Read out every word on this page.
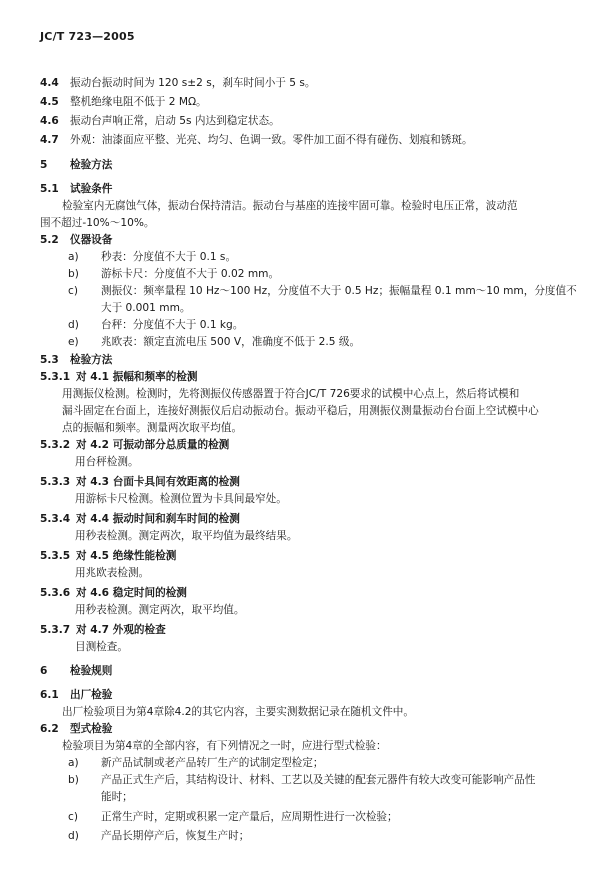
JC/T 723—2005
4.4 振动台振动时间为 120 s±2 s，刹车时间小于 5 s。
4.5 整机绝缘电阻不低于 2 MΩ。
4.6 振动台声响正常，启动 5s 内达到稳定状态。
4.7 外观：油漆面应平整、光亮、均匀、色调一致。零件加工面不得有碰伤、划痕和锈斑。
5 检验方法
5.1 试验条件
检验室内无腐蚀气体，振动台保持清洁。振动台与基座的连接牢固可靠。检验时电压正常，波动范
围不超过-10%～10%。
5.2 仪器设备
a) 秒表：分度值不大于 0.1 s。
b) 游标卡尺：分度值不大于 0.02 mm。
c) 测振仪：频率量程 10 Hz～100 Hz，分度值不大于 0.5 Hz；振幅量程 0.1 mm～10 mm，分度值不
大于 0.001 mm。
d) 台秤：分度值不大于 0.1 kg。
e) 兆欧表：额定直流电压 500 V，准确度不低于 2.5 级。
5.3 检验方法
5.3.1 对 4.1 振幅和频率的检测
用测振仪检测。检测时，先将测振仪传感器置于符合JC/T 726要求的试模中心点上，然后将试模和
漏斗固定在台面上，连接好测振仪后启动振动台。振动平稳后，用测振仪测量振动台台面上空试模中心
点的振幅和频率。测量两次取平均值。
5.3.2 对 4.2 可振动部分总质量的检测
用台秤检测。
5.3.3 对 4.3 台面卡具间有效距离的检测
用游标卡尺检测。检测位置为卡具间最窄处。
5.3.4 对 4.4 振动时间和刹车时间的检测
用秒表检测。测定两次，取平均值为最终结果。
5.3.5 对 4.5 绝缘性能检测
用兆欧表检测。
5.3.6 对 4.6 稳定时间的检测
用秒表检测。测定两次，取平均值。
5.3.7 对 4.7 外观的检查
目测检查。
6 检验规则
6.1 出厂检验
出厂检验项目为第4章除4.2的其它内容，主要实测数据记录在随机文件中。
6.2 型式检验
检验项目为第4章的全部内容，有下列情况之一时，应进行型式检验：
a) 新产品试制或老产品转厂生产的试制定型检定；
b) 产品正式生产后，其结构设计、材料、工艺以及关键的配套元器件有较大改变可能影响产品性
能时；
c) 正常生产时，定期或积累一定产量后，应周期性进行一次检验；
d) 产品长期停产后，恢复生产时；
